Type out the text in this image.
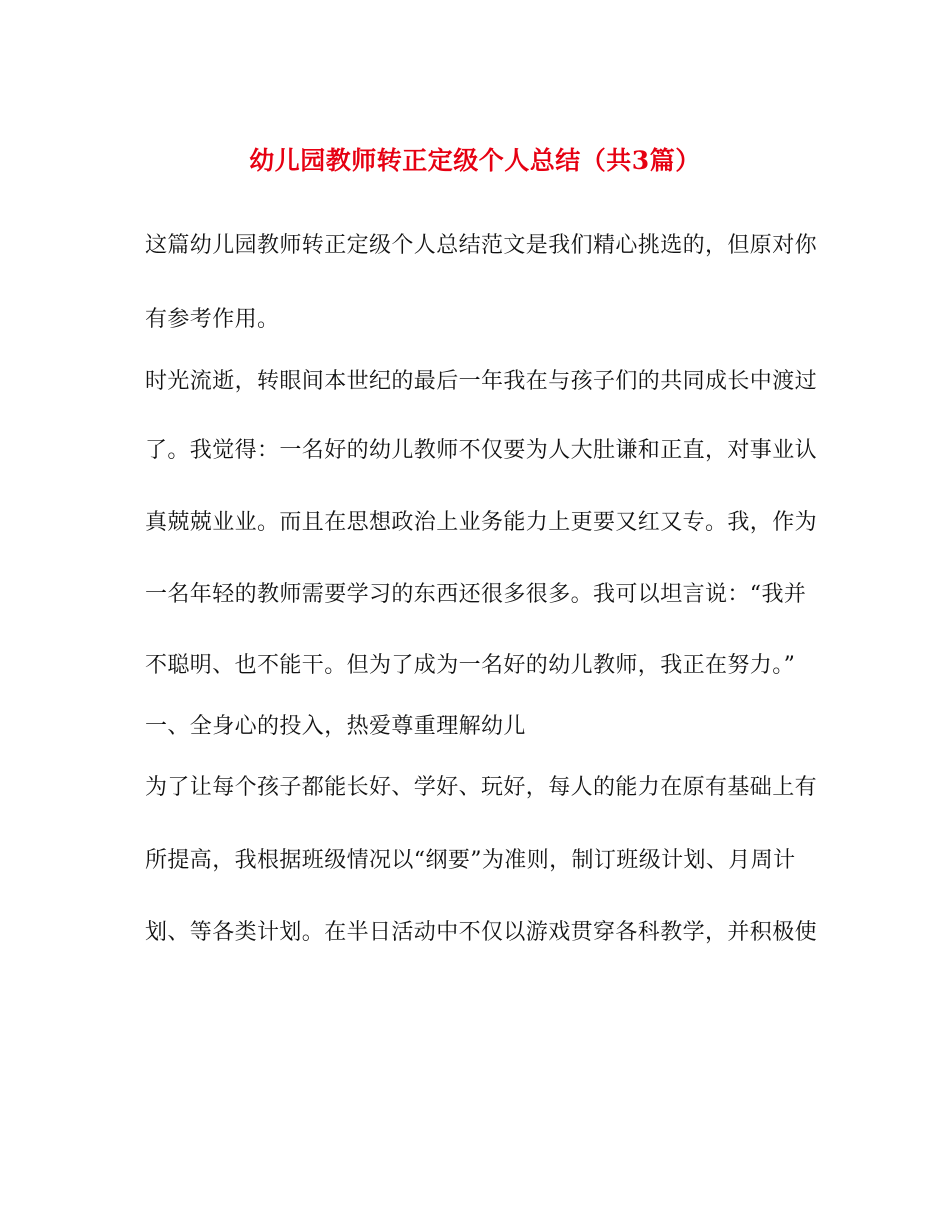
幼儿园教师转正定级个人总结（共3篇）
这篇幼儿园教师转正定级个人总结范文是我们精心挑选的，但原对你
有参考作用。
时光流逝，转眼间本世纪的最后一年我在与孩子们的共同成长中渡过
了。我觉得：一名好的幼儿教师不仅要为人大肚谦和正直，对事业认
真兢兢业业。而且在思想政治上业务能力上更要又红又专。我，作为
一名年轻的教师需要学习的东西还很多很多。我可以坦言说：“我并
不聪明、也不能干。但为了成为一名好的幼儿教师，我正在努力。”
一、全身心的投入，热爱尊重理解幼儿
为了让每个孩子都能长好、学好、玩好，每人的能力在原有基础上有
所提高，我根据班级情况以“纲要”为准则，制订班级计划、月周计
划、等各类计划。在半日活动中不仅以游戏贯穿各科教学，并积极使
